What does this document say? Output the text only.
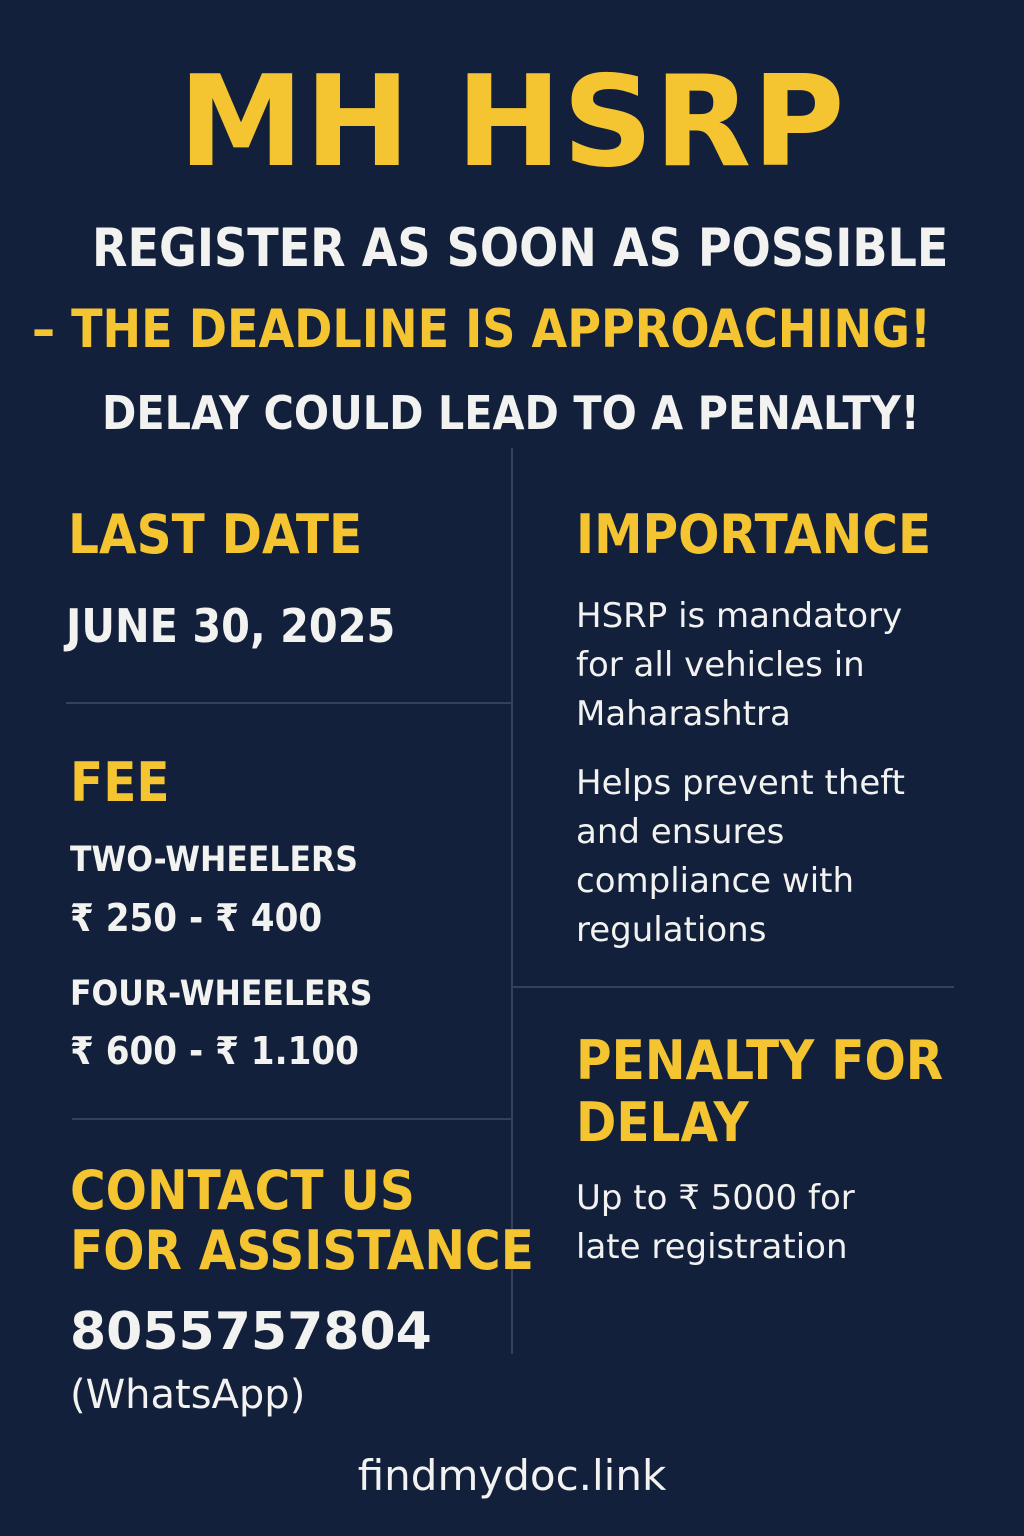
MH HSRP
REGISTER AS SOON AS POSSIBLE
– THE DEADLINE IS APPROACHING!
DELAY COULD LEAD TO A PENALTY!
LAST DATE
JUNE 30, 2025
FEE
TWO-WHEELERS
₹ 250 - ₹ 400
FOUR-WHEELERS
₹ 600 - ₹ 1.100
CONTACT US
FOR ASSISTANCE
8055757804
(WhatsApp)
IMPORTANCE
HSRP is mandatory for all vehicles in Maharashtra
Helps prevent theft and ensures compliance with regulations
PENALTY FOR
DELAY
Up to ₹ 5000 for late registration
findmydoc.link
